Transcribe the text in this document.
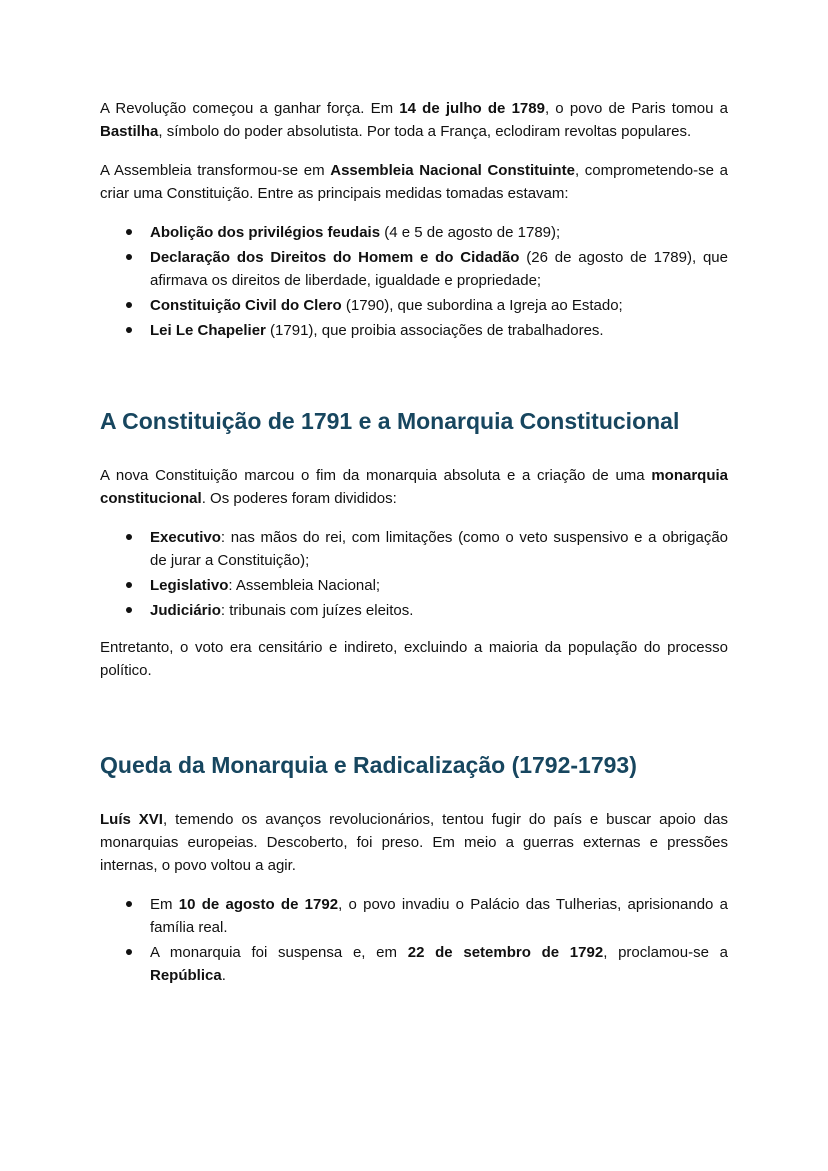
A Revolução começou a ganhar força. Em 14 de julho de 1789, o povo de Paris tomou a Bastilha, símbolo do poder absolutista. Por toda a França, eclodiram revoltas populares.

A Assembleia transformou-se em Assembleia Nacional Constituinte, comprometendo-se a criar uma Constituição. Entre as principais medidas tomadas estavam:

Abolição dos privilégios feudais (4 e 5 de agosto de 1789);
Declaração dos Direitos do Homem e do Cidadão (26 de agosto de 1789), que afirmava os direitos de liberdade, igualdade e propriedade;
Constituição Civil do Clero (1790), que subordina a Igreja ao Estado;
Lei Le Chapelier (1791), que proibia associações de trabalhadores.
A Constituição de 1791 e a Monarquia Constitucional

A nova Constituição marcou o fim da monarquia absoluta e a criação de uma monarquia constitucional. Os poderes foram divididos:

Executivo: nas mãos do rei, com limitações (como o veto suspensivo e a obrigação de jurar a Constituição);
Legislativo: Assembleia Nacional;
Judiciário: tribunais com juízes eleitos.

Entretanto, o voto era censitário e indireto, excluindo a maioria da população do processo político.

Queda da Monarquia e Radicalização (1792-1793)

Luís XVI, temendo os avanços revolucionários, tentou fugir do país e buscar apoio das monarquias europeias. Descoberto, foi preso. Em meio a guerras externas e pressões internas, o povo voltou a agir.

Em 10 de agosto de 1792, o povo invadiu o Palácio das Tulherias, aprisionando a família real.
A monarquia foi suspensa e, em 22 de setembro de 1792, proclamou-se a República.
